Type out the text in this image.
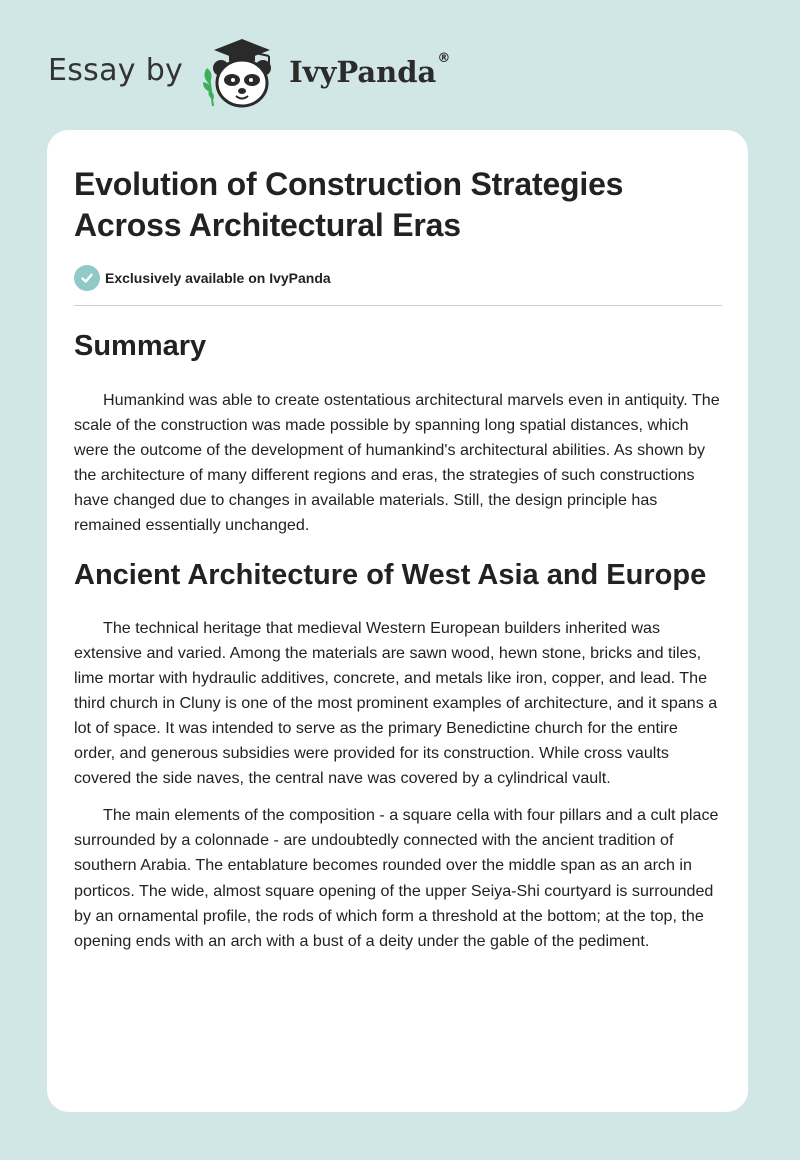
Essay by	IvyPanda®
Evolution of Construction Strategies Across Architectural Eras
Exclusively available on IvyPanda
Summary

Humankind was able to create ostentatious architectural marvels even in antiquity. The scale of the construction was made possible by spanning long spatial distances, which were the outcome of the development of humankind's architectural abilities. As shown by the architecture of many different regions and eras, the strategies of such constructions have changed due to changes in available materials. Still, the design principle has remained essentially unchanged.

Ancient Architecture of West Asia and Europe

The technical heritage that medieval Western European builders inherited was extensive and varied. Among the materials are sawn wood, hewn stone, bricks and tiles, lime mortar with hydraulic additives, concrete, and metals like iron, copper, and lead. The third church in Cluny is one of the most prominent examples of architecture, and it spans a lot of space. It was intended to serve as the primary Benedictine church for the entire order, and generous subsidies were provided for its construction. While cross vaults covered the side naves, the central nave was covered by a cylindrical vault.

The main elements of the composition - a square cella with four pillars and a cult place surrounded by a colonnade - are undoubtedly connected with the ancient tradition of southern Arabia. The entablature becomes rounded over the middle span as an arch in porticos. The wide, almost square opening of the upper Seiya-Shi courtyard is surrounded by an ornamental profile, the rods of which form a threshold at the bottom; at the top, the opening ends with an arch with a bust of a deity under the gable of the pediment.
